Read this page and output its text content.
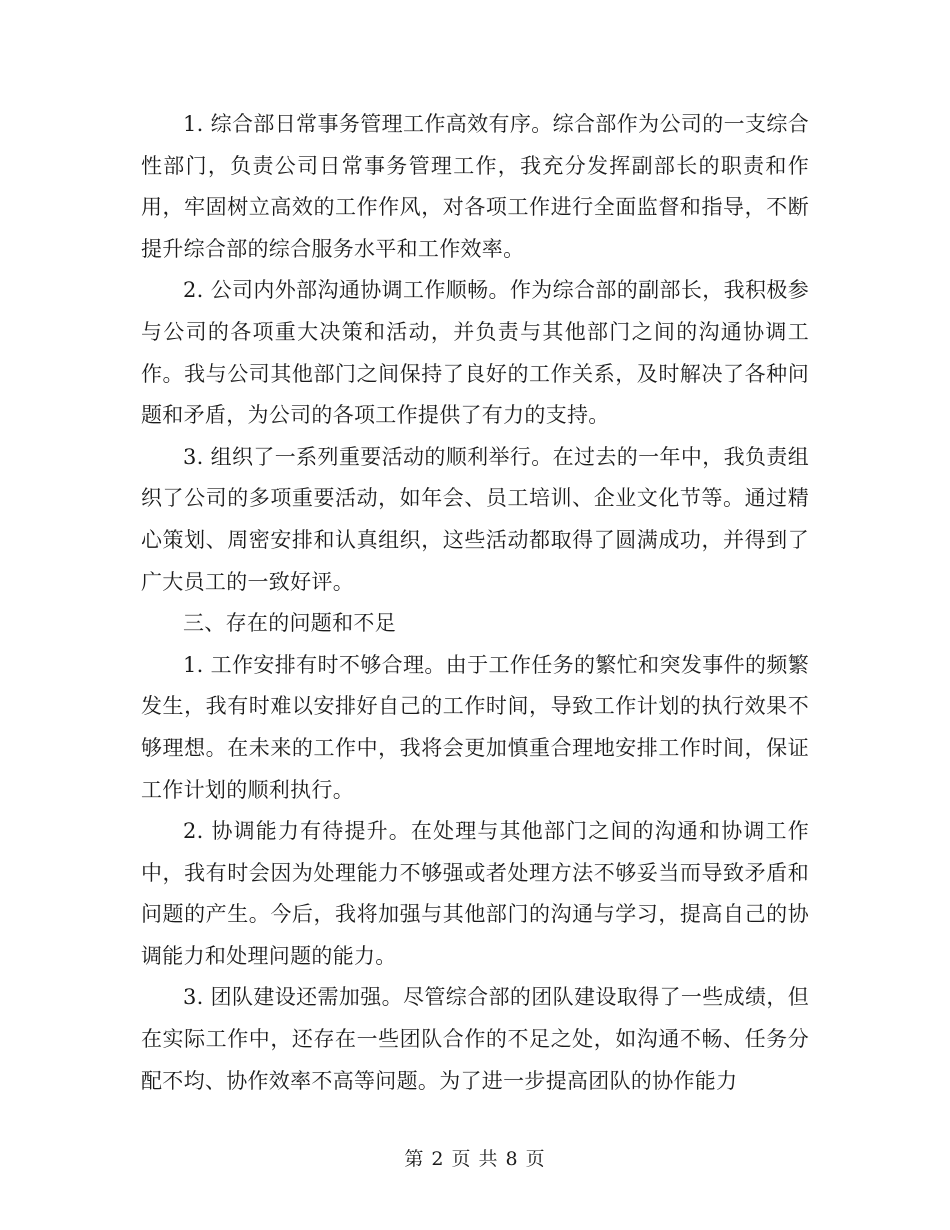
1. 综合部日常事务管理工作高效有序。综合部作为公司的一支综合性部门，负责公司日常事务管理工作，我充分发挥副部长的职责和作用，牢固树立高效的工作作风，对各项工作进行全面监督和指导，不断提升综合部的综合服务水平和工作效率。

2. 公司内外部沟通协调工作顺畅。作为综合部的副部长，我积极参与公司的各项重大决策和活动，并负责与其他部门之间的沟通协调工作。我与公司其他部门之间保持了良好的工作关系，及时解决了各种问题和矛盾，为公司的各项工作提供了有力的支持。

3. 组织了一系列重要活动的顺利举行。在过去的一年中，我负责组织了公司的多项重要活动，如年会、员工培训、企业文化节等。通过精心策划、周密安排和认真组织，这些活动都取得了圆满成功，并得到了广大员工的一致好评。

三、存在的问题和不足

1. 工作安排有时不够合理。由于工作任务的繁忙和突发事件的频繁发生，我有时难以安排好自己的工作时间，导致工作计划的执行效果不够理想。在未来的工作中，我将会更加慎重合理地安排工作时间，保证工作计划的顺利执行。

2. 协调能力有待提升。在处理与其他部门之间的沟通和协调工作中，我有时会因为处理能力不够强或者处理方法不够妥当而导致矛盾和问题的产生。今后，我将加强与其他部门的沟通与学习，提高自己的协调能力和处理问题的能力。

3. 团队建设还需加强。尽管综合部的团队建设取得了一些成绩，但在实际工作中，还存在一些团队合作的不足之处，如沟通不畅、任务分配不均、协作效率不高等问题。为了进一步提高团队的协作能力

第 2 页 共 8 页
